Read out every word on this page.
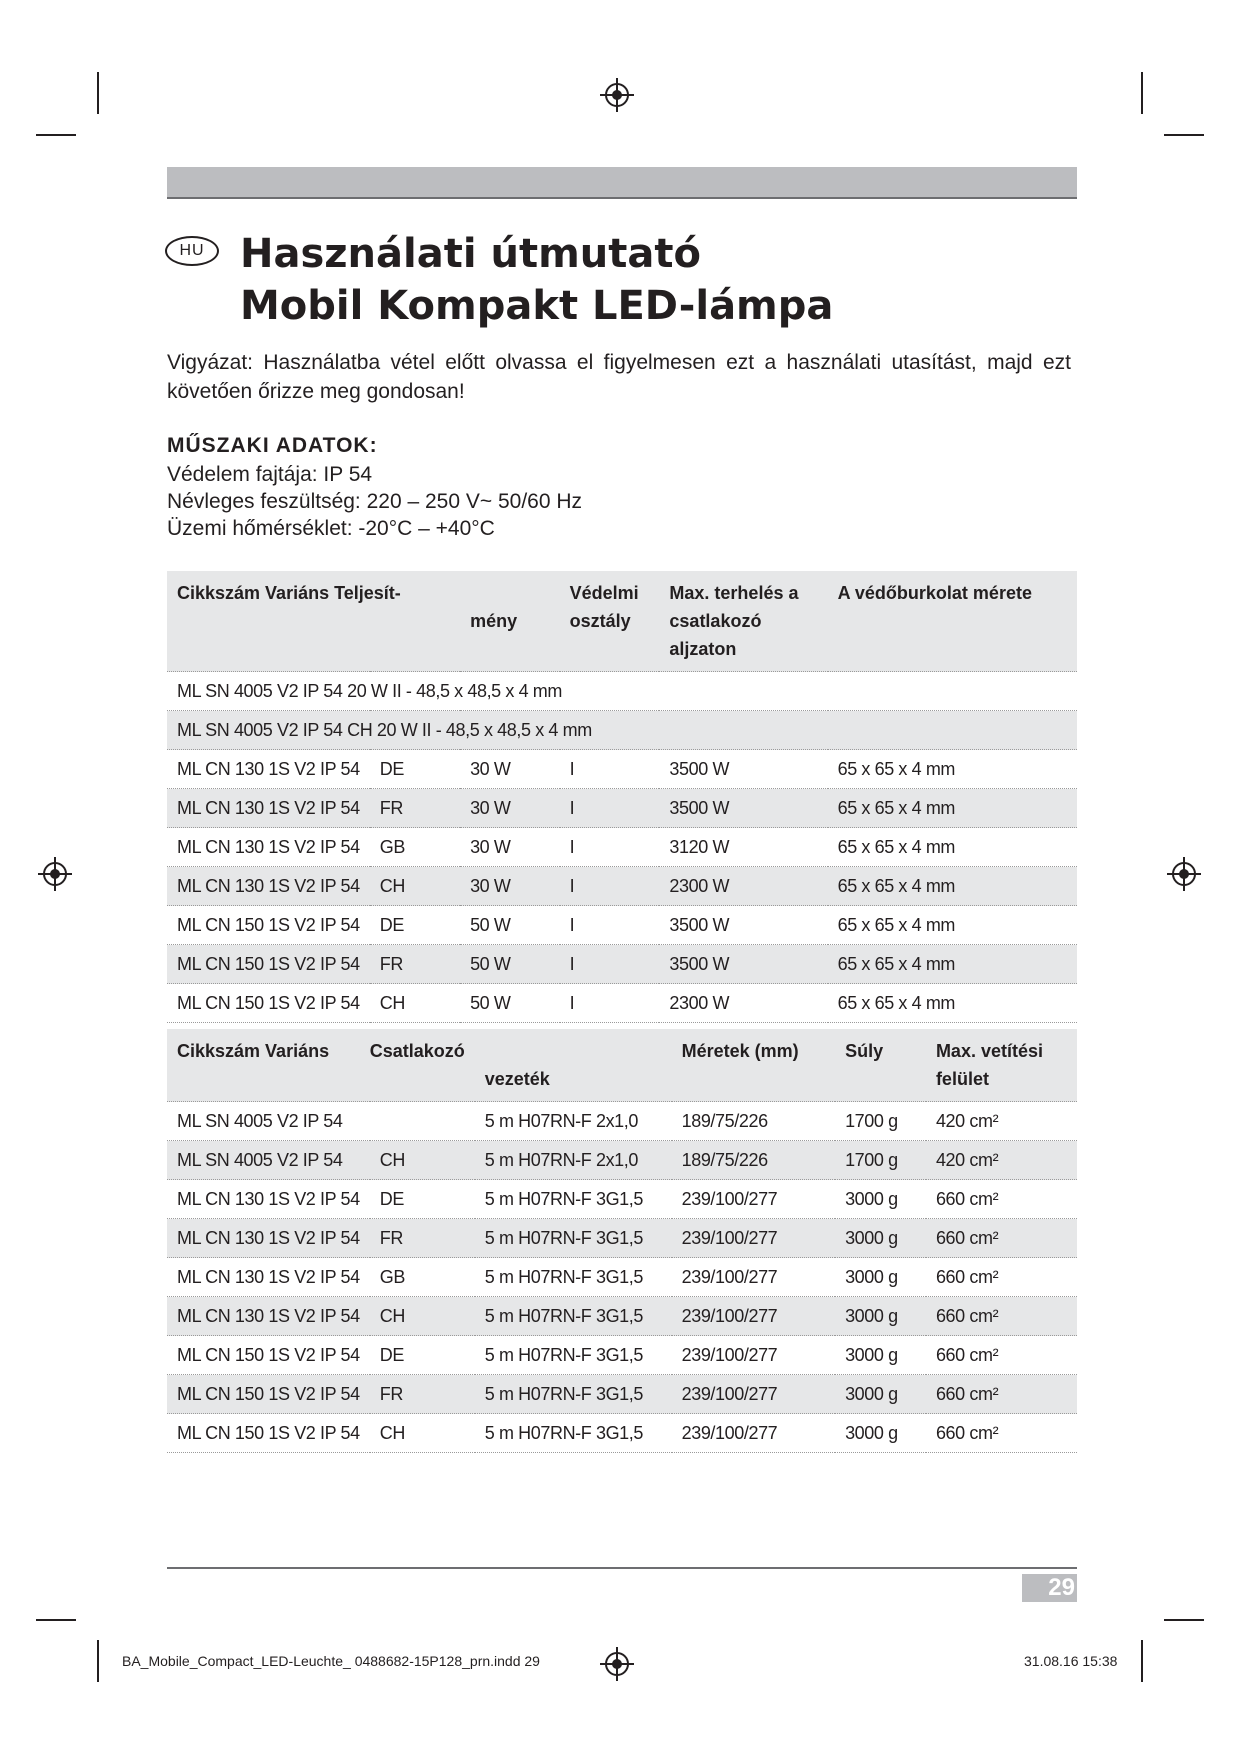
HU Használati útmutató
Mobil Kompakt LED-lámpa
Vigyázat: Használatba vétel előtt olvassa el figyelmesen ezt a használati utasítást, majd ezt követően őrizze meg gondosan!
MŰSZAKI ADATOK:
Védelem fajtája: IP 54
Névleges feszültség: 220 – 250 V~ 50/60 Hz
Üzemi hőmérséklet: -20°C – +40°C
Cikkszám Variáns Teljesít-		mény	Védelmi osztály	Max. terhelés a csatlakozó aljzaton	A védőburkolat mérete
ML SN 4005 V2 IP 54 20 W II - 48,5 x 48,5 x 4 mm					
ML SN 4005 V2 IP 54 CH 20 W II - 48,5 x 48,5 x 4 mm					
ML CN 130 1S V2 IP 54	DE	30 W	I	3500 W	65 x 65 x 4 mm
ML CN 130 1S V2 IP 54	FR	30 W	I	3500 W	65 x 65 x 4 mm
ML CN 130 1S V2 IP 54	GB	30 W	I	3120 W	65 x 65 x 4 mm
ML CN 130 1S V2 IP 54	CH	30 W	I	2300 W	65 x 65 x 4 mm
ML CN 150 1S V2 IP 54	DE	50 W	I	3500 W	65 x 65 x 4 mm
ML CN 150 1S V2 IP 54	FR	50 W	I	3500 W	65 x 65 x 4 mm
ML CN 150 1S V2 IP 54	CH	50 W	I	2300 W	65 x 65 x 4 mm
Cikkszám Variáns	Csatlakozó	vezeték	Méretek (mm)	Súly	Max. vetítési felület
ML SN 4005 V2 IP 54		5 m H07RN-F 2x1,0	189/75/226	1700 g	420 cm²
ML SN 4005 V2 IP 54	CH	5 m H07RN-F 2x1,0	189/75/226	1700 g	420 cm²
ML CN 130 1S V2 IP 54	DE	5 m H07RN-F 3G1,5	239/100/277	3000 g	660 cm²
ML CN 130 1S V2 IP 54	FR	5 m H07RN-F 3G1,5	239/100/277	3000 g	660 cm²
ML CN 130 1S V2 IP 54	GB	5 m H07RN-F 3G1,5	239/100/277	3000 g	660 cm²
ML CN 130 1S V2 IP 54	CH	5 m H07RN-F 3G1,5	239/100/277	3000 g	660 cm²
ML CN 150 1S V2 IP 54	DE	5 m H07RN-F 3G1,5	239/100/277	3000 g	660 cm²
ML CN 150 1S V2 IP 54	FR	5 m H07RN-F 3G1,5	239/100/277	3000 g	660 cm²
ML CN 150 1S V2 IP 54	CH	5 m H07RN-F 3G1,5	239/100/277	3000 g	660 cm²
29
BA_Mobile_Compact_LED-Leuchte_ 0488682-15P128_prn.indd 29	31.08.16 15:38
